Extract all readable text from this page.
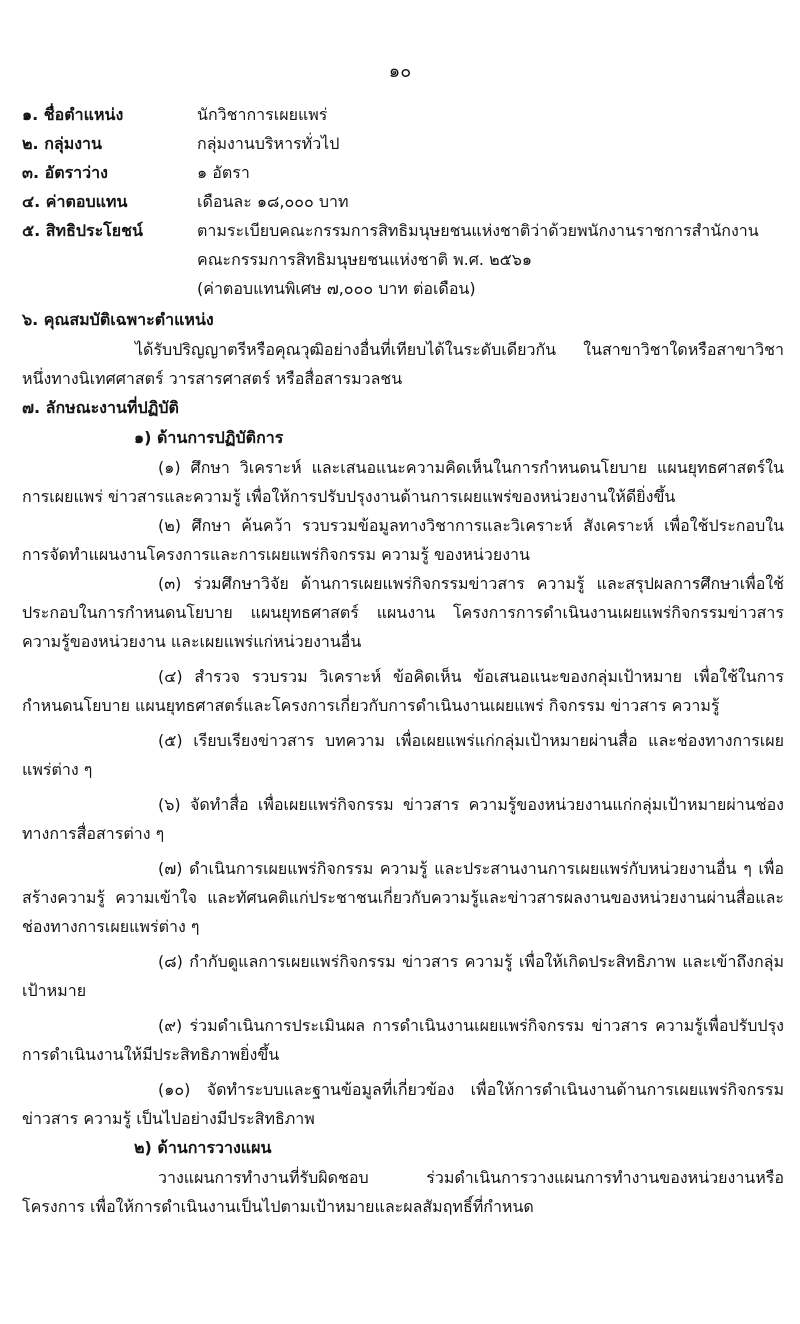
๑๐
๑. ชื่อตำแหน่ง	นักวิชาการเผยแพร่
๒. กลุ่มงาน	กลุ่มงานบริหารทั่วไป
๓. อัตราว่าง	๑ อัตรา
๔. ค่าตอบแทน	เดือนละ ๑๘,๐๐๐ บาท
๕. สิทธิประโยชน์	ตามระเบียบคณะกรรมการสิทธิมนุษยชนแห่งชาติว่าด้วยพนักงานราชการสำนักงาน
คณะกรรมการสิทธิมนุษยชนแห่งชาติ พ.ศ. ๒๕๖๑
(ค่าตอบแทนพิเศษ ๗,๐๐๐ บาท ต่อเดือน)
๖. คุณสมบัติเฉพาะตำแหน่ง

ได้รับปริญญาตรีหรือคุณวุฒิอย่างอื่นที่เทียบได้ในระดับเดียวกัน ในสาขาวิชาใดหรือสาขาวิชาหนึ่งทางนิเทศศาสตร์ วารสารศาสตร์ หรือสื่อสารมวลชน

๗. ลักษณะงานที่ปฏิบัติ
๑) ด้านการปฏิบัติการ

(๑) ศึกษา วิเคราะห์ และเสนอแนะความคิดเห็นในการกำหนดนโยบาย แผนยุทธศาสตร์ในการเผยแพร่ ข่าวสารและความรู้ เพื่อให้การปรับปรุงงานด้านการเผยแพร่ของหน่วยงานให้ดียิ่งขึ้น

(๒) ศึกษา ค้นคว้า รวบรวมข้อมูลทางวิชาการและวิเคราะห์ สังเคราะห์ เพื่อใช้ประกอบในการจัดทำแผนงานโครงการและการเผยแพร่กิจกรรม ความรู้ ของหน่วยงาน

(๓) ร่วมศึกษาวิจัย ด้านการเผยแพร่กิจกรรมข่าวสาร ความรู้ และสรุปผลการศึกษาเพื่อใช้ประกอบในการกำหนดนโยบาย แผนยุทธศาสตร์ แผนงาน โครงการการดำเนินงานเผยแพร่กิจกรรมข่าวสาร ความรู้ของหน่วยงาน และเผยแพร่แก่หน่วยงานอื่น

(๔) สำรวจ รวบรวม วิเคราะห์ ข้อคิดเห็น ข้อเสนอแนะของกลุ่มเป้าหมาย เพื่อใช้ในการกำหนดนโยบาย แผนยุทธศาสตร์และโครงการเกี่ยวกับการดำเนินงานเผยแพร่ กิจกรรม ข่าวสาร ความรู้

(๕) เรียบเรียงข่าวสาร บทความ เพื่อเผยแพร่แก่กลุ่มเป้าหมายผ่านสื่อ และช่องทางการเผยแพร่ต่าง ๆ

(๖) จัดทำสื่อ เพื่อเผยแพร่กิจกรรม ข่าวสาร ความรู้ของหน่วยงานแก่กลุ่มเป้าหมายผ่านช่องทางการสื่อสารต่าง ๆ

(๗) ดำเนินการเผยแพร่กิจกรรม ความรู้ และประสานงานการเผยแพร่กับหน่วยงานอื่น ๆ เพื่อสร้างความรู้ ความเข้าใจ และทัศนคติแก่ประชาชนเกี่ยวกับความรู้และข่าวสารผลงานของหน่วยงานผ่านสื่อและช่องทางการเผยแพร่ต่าง ๆ

(๘) กำกับดูแลการเผยแพร่กิจกรรม ข่าวสาร ความรู้ เพื่อให้เกิดประสิทธิภาพ และเข้าถึงกลุ่มเป้าหมาย

(๙) ร่วมดำเนินการประเมินผล การดำเนินงานเผยแพร่กิจกรรม ข่าวสาร ความรู้เพื่อปรับปรุงการดำเนินงานให้มีประสิทธิภาพยิ่งขึ้น

(๑๐) จัดทำระบบและฐานข้อมูลที่เกี่ยวข้อง เพื่อให้การดำเนินงานด้านการเผยแพร่กิจกรรม ข่าวสาร ความรู้ เป็นไปอย่างมีประสิทธิภาพ

๒) ด้านการวางแผน

วางแผนการทำงานที่รับผิดชอบ ร่วมดำเนินการวางแผนการทำงานของหน่วยงานหรือโครงการ เพื่อให้การดำเนินงานเป็นไปตามเป้าหมายและผลสัมฤทธิ์ที่กำหนด
